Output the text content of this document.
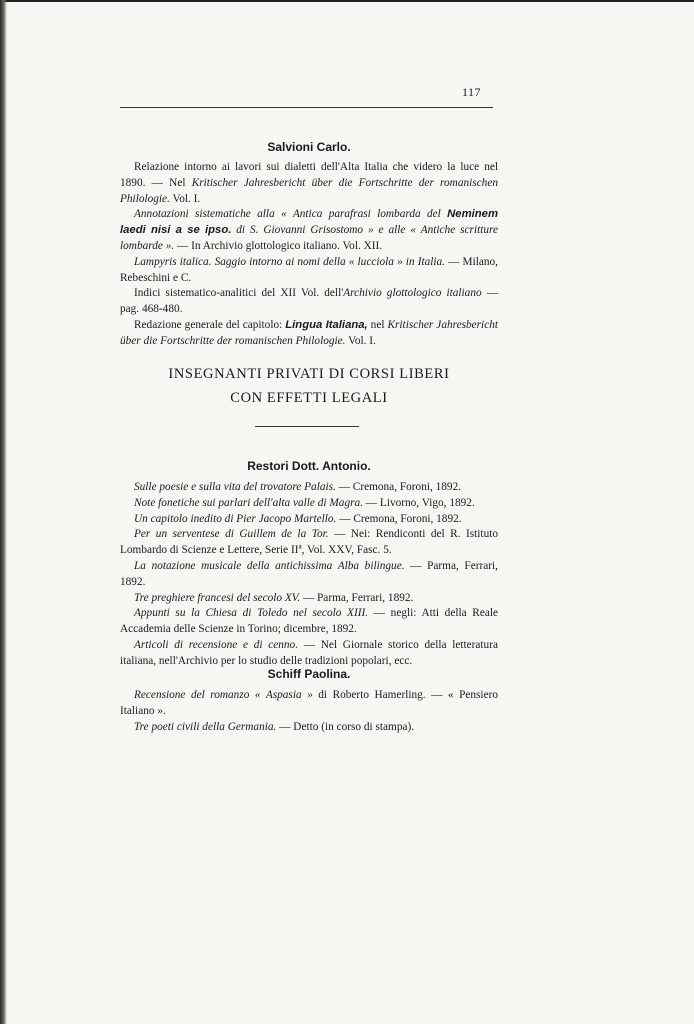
117
Salvioni Carlo.

Relazione intorno ai lavori sui dialetti dell'Alta Italia che videro la luce nel 1890. — Nel Kritischer Jahresbericht über die Fortschritte der romanischen Philologie. Vol. I.

Annotazioni sistematiche alla « Antica parafrasi lombarda del Neminem laedi nisi a se ipso. di S. Giovanni Grisostomo » e alle « Antiche scritture lombarde ». — In Archivio glottologico italiano. Vol. XII.

Lampyris italica. Saggio intorno ai nomi della « lucciola » in Italia. — Milano, Rebeschini e C.

Indici sistematico-analitici del XII Vol. dell'Archivio glottologico italiano — pag. 468-480.

Redazione generale del capitolo: Lingua Italiana, nel Kritischer Jahresbericht über die Fortschritte der romanischen Philologie. Vol. I.

INSEGNANTI PRIVATI DI CORSI LIBERI
CON EFFETTI LEGALI
Restori Dott. Antonio.

Sulle poesie e sulla vita del trovatore Palais. — Cremona, Foroni, 1892.

Note fonetiche sui parlari dell'alta valle di Magra. — Livorno, Vigo, 1892.

Un capitolo inedito di Pier Jacopo Martello. — Cremona, Foroni, 1892.

Per un serventese di Guillem de la Tor. — Nei: Rendiconti del R. Istituto Lombardo di Scienze e Lettere, Serie IIª, Vol. XXV, Fasc. 5.

La notazione musicale della antichissima Alba bilingue. — Parma, Ferrari, 1892.

Tre preghiere francesi del secolo XV. — Parma, Ferrari, 1892.

Appunti su la Chiesa di Toledo nel secolo XIII. — negli: Atti della Reale Accademia delle Scienze in Torino; dicembre, 1892.

Articoli di recensione e di cenno. — Nel Giornale storico della letteratura italiana, nell'Archivio per lo studio delle tradizioni popolari, ecc.

Schiff Paolina.

Recensione del romanzo « Aspasia » di Roberto Hamerling. — « Pensiero Italiano ».

Tre poeti civili della Germania. — Detto (in corso di stampa).
